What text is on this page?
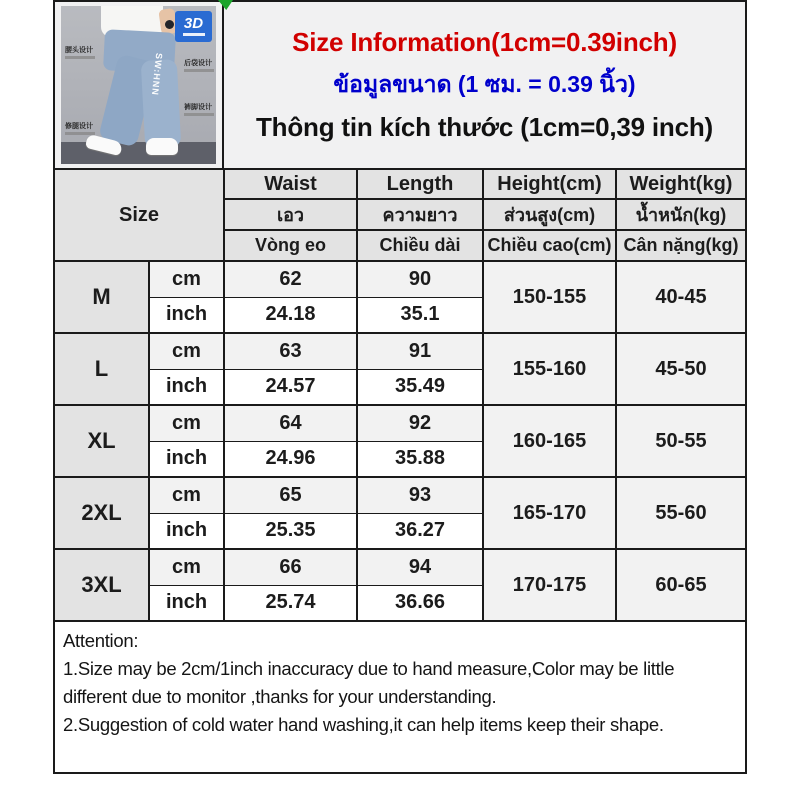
SW:HNN
3D
腰头设计
后袋设计
裤脚设计
修腿设计
Size Information(1cm=0.39inch)
ข้อมูลขนาด (1 ซม. = 0.39 นิ้ว)
Thông tin kích thước (1cm=0,39 inch)
Size		Waist	Length	Height(cm)	Weight(kg)
		เอว	ความยาว	ส่วนสูง(cm)	น้ำหนัก(kg)
		Vòng eo	Chiều dài	Chiều cao(cm)	Cân nặng(kg)
M	cm	62	90	150-155	40-45
	inch	24.18	35.1		
L	cm	63	91	155-160	45-50
	inch	24.57	35.49		
XL	cm	64	92	160-165	50-55
	inch	24.96	35.88		
2XL	cm	65	93	165-170	55-60
	inch	25.35	36.27		
3XL	cm	66	94	170-175	60-65
	inch	25.74	36.66		

Attention:

1.Size may be 2cm/1inch inaccuracy due to hand measure,Color may be little different due to monitor ,thanks for your understanding.

2.Suggestion of cold water hand washing,it can help items keep their shape.
